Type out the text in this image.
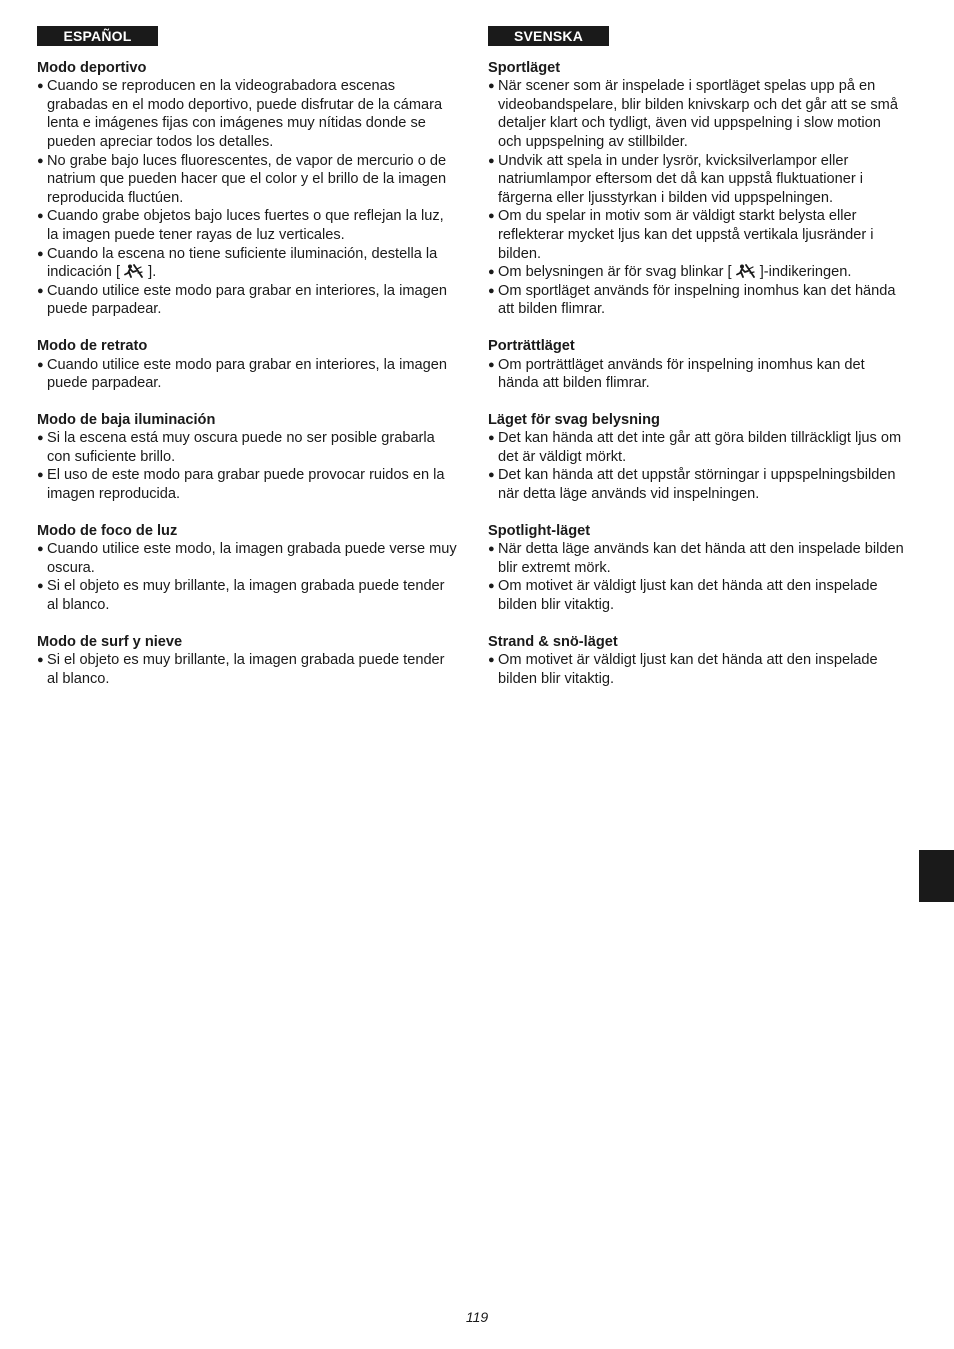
ESPAÑOL
Modo deportivo
● Cuando se reproducen en la videograbadora escenas grabadas en el modo deportivo, puede disfrutar de la cámara lenta e imágenes fijas con imágenes muy nítidas donde se pueden apreciar todos los detalles.
● No grabe bajo luces fluorescentes, de vapor de mercurio o de natrium que pueden hacer que el color y el brillo de la imagen reproducida fluctúen.
● Cuando grabe objetos bajo luces fuertes o que reflejan la luz, la imagen puede tener rayas de luz verticales.
● Cuando la escena no tiene suficiente iluminación, destella la indicación [ ].
● Cuando utilice este modo para grabar en interiores, la imagen puede parpadear.
Modo de retrato
● Cuando utilice este modo para grabar en interiores, la imagen puede parpadear.
Modo de baja iluminación
● Si la escena está muy oscura puede no ser posible grabarla con suficiente brillo.
● El uso de este modo para grabar puede provocar ruidos en la imagen reproducida.
Modo de foco de luz
● Cuando utilice este modo, la imagen grabada puede verse muy oscura.
● Si el objeto es muy brillante, la imagen grabada puede tender al blanco.
Modo de surf y nieve
● Si el objeto es muy brillante, la imagen grabada puede tender al blanco.
SVENSKA
Sportläget
● När scener som är inspelade i sportläget spelas upp på en videobandspelare, blir bilden knivskarp och det går att se små detaljer klart och tydligt, även vid uppspelning i slow motion och uppspelning av stillbilder.
● Undvik att spela in under lysrör, kvicksilverlampor eller natriumlampor eftersom det då kan uppstå fluktuationer i färgerna eller ljusstyrkan i bilden vid uppspelningen.
● Om du spelar in motiv som är väldigt starkt belysta eller reflekterar mycket ljus kan det uppstå vertikala ljusränder i bilden.
● Om belysningen är för svag blinkar [ ]-indikeringen.
● Om sportläget används för inspelning inomhus kan det hända att bilden flimrar.
Porträttläget
● Om porträttläget används för inspelning inomhus kan det hända att bilden flimrar.
Läget för svag belysning
● Det kan hända att det inte går att göra bilden tillräckligt ljus om det är väldigt mörkt.
● Det kan hända att det uppstår störningar i uppspelningsbilden när detta läge används vid inspelningen.
Spotlight-läget
● När detta läge används kan det hända att den inspelade bilden blir extremt mörk.
● Om motivet är väldigt ljust kan det hända att den inspelade bilden blir vitaktig.
Strand & snö-läget
● Om motivet är väldigt ljust kan det hända att den inspelade bilden blir vitaktig.
119
